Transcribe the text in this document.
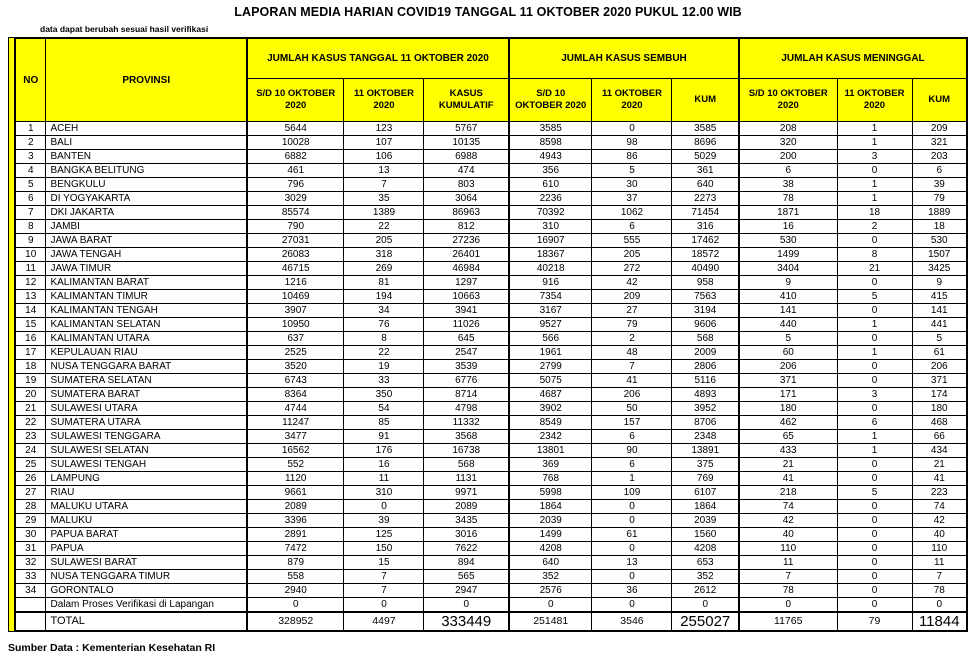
LAPORAN MEDIA HARIAN COVID19 TANGGAL 11 OKTOBER 2020 PUKUL 12.00 WIB
data dapat berubah sesuai hasil verifikasi
NO	PROVINSI	JUMLAH KASUS TANGGAL 11 OKTOBER 2020			JUMLAH KASUS SEMBUH			JUMLAH KASUS MENINGGAL		
		S/D 10 OKTOBER 2020	11 OKTOBER 2020	KASUS KUMULATIF	S/D 10 OKTOBER 2020	11 OKTOBER 2020	KUM	S/D 10 OKTOBER 2020	11 OKTOBER 2020	KUM
1	ACEH	5644	123	5767	3585	0	3585	208	1	209
2	BALI	10028	107	10135	8598	98	8696	320	1	321
3	BANTEN	6882	106	6988	4943	86	5029	200	3	203
4	BANGKA BELITUNG	461	13	474	356	5	361	6	0	6
5	BENGKULU	796	7	803	610	30	640	38	1	39
6	DI YOGYAKARTA	3029	35	3064	2236	37	2273	78	1	79
7	DKI JAKARTA	85574	1389	86963	70392	1062	71454	1871	18	1889
8	JAMBI	790	22	812	310	6	316	16	2	18
9	JAWA BARAT	27031	205	27236	16907	555	17462	530	0	530
10	JAWA TENGAH	26083	318	26401	18367	205	18572	1499	8	1507
11	JAWA TIMUR	46715	269	46984	40218	272	40490	3404	21	3425
12	KALIMANTAN BARAT	1216	81	1297	916	42	958	9	0	9
13	KALIMANTAN TIMUR	10469	194	10663	7354	209	7563	410	5	415
14	KALIMANTAN TENGAH	3907	34	3941	3167	27	3194	141	0	141
15	KALIMANTAN SELATAN	10950	76	11026	9527	79	9606	440	1	441
16	KALIMANTAN UTARA	637	8	645	566	2	568	5	0	5
17	KEPULAUAN RIAU	2525	22	2547	1961	48	2009	60	1	61
18	NUSA TENGGARA BARAT	3520	19	3539	2799	7	2806	206	0	206
19	SUMATERA SELATAN	6743	33	6776	5075	41	5116	371	0	371
20	SUMATERA BARAT	8364	350	8714	4687	206	4893	171	3	174
21	SULAWESI UTARA	4744	54	4798	3902	50	3952	180	0	180
22	SUMATERA UTARA	11247	85	11332	8549	157	8706	462	6	468
23	SULAWESI TENGGARA	3477	91	3568	2342	6	2348	65	1	66
24	SULAWESI SELATAN	16562	176	16738	13801	90	13891	433	1	434
25	SULAWESI TENGAH	552	16	568	369	6	375	21	0	21
26	LAMPUNG	1120	11	1131	768	1	769	41	0	41
27	RIAU	9661	310	9971	5998	109	6107	218	5	223
28	MALUKU UTARA	2089	0	2089	1864	0	1864	74	0	74
29	MALUKU	3396	39	3435	2039	0	2039	42	0	42
30	PAPUA BARAT	2891	125	3016	1499	61	1560	40	0	40
31	PAPUA	7472	150	7622	4208	0	4208	110	0	110
32	SULAWESI BARAT	879	15	894	640	13	653	11	0	11
33	NUSA TENGGARA TIMUR	558	7	565	352	0	352	7	0	7
34	GORONTALO	2940	7	2947	2576	36	2612	78	0	78
	Dalam Proses Verifikasi di Lapangan	0	0	0	0	0	0	0	0	0
	TOTAL	328952	4497	333449	251481	3546	255027	11765	79	11844
Sumber Data : Kementerian Kesehatan RI
